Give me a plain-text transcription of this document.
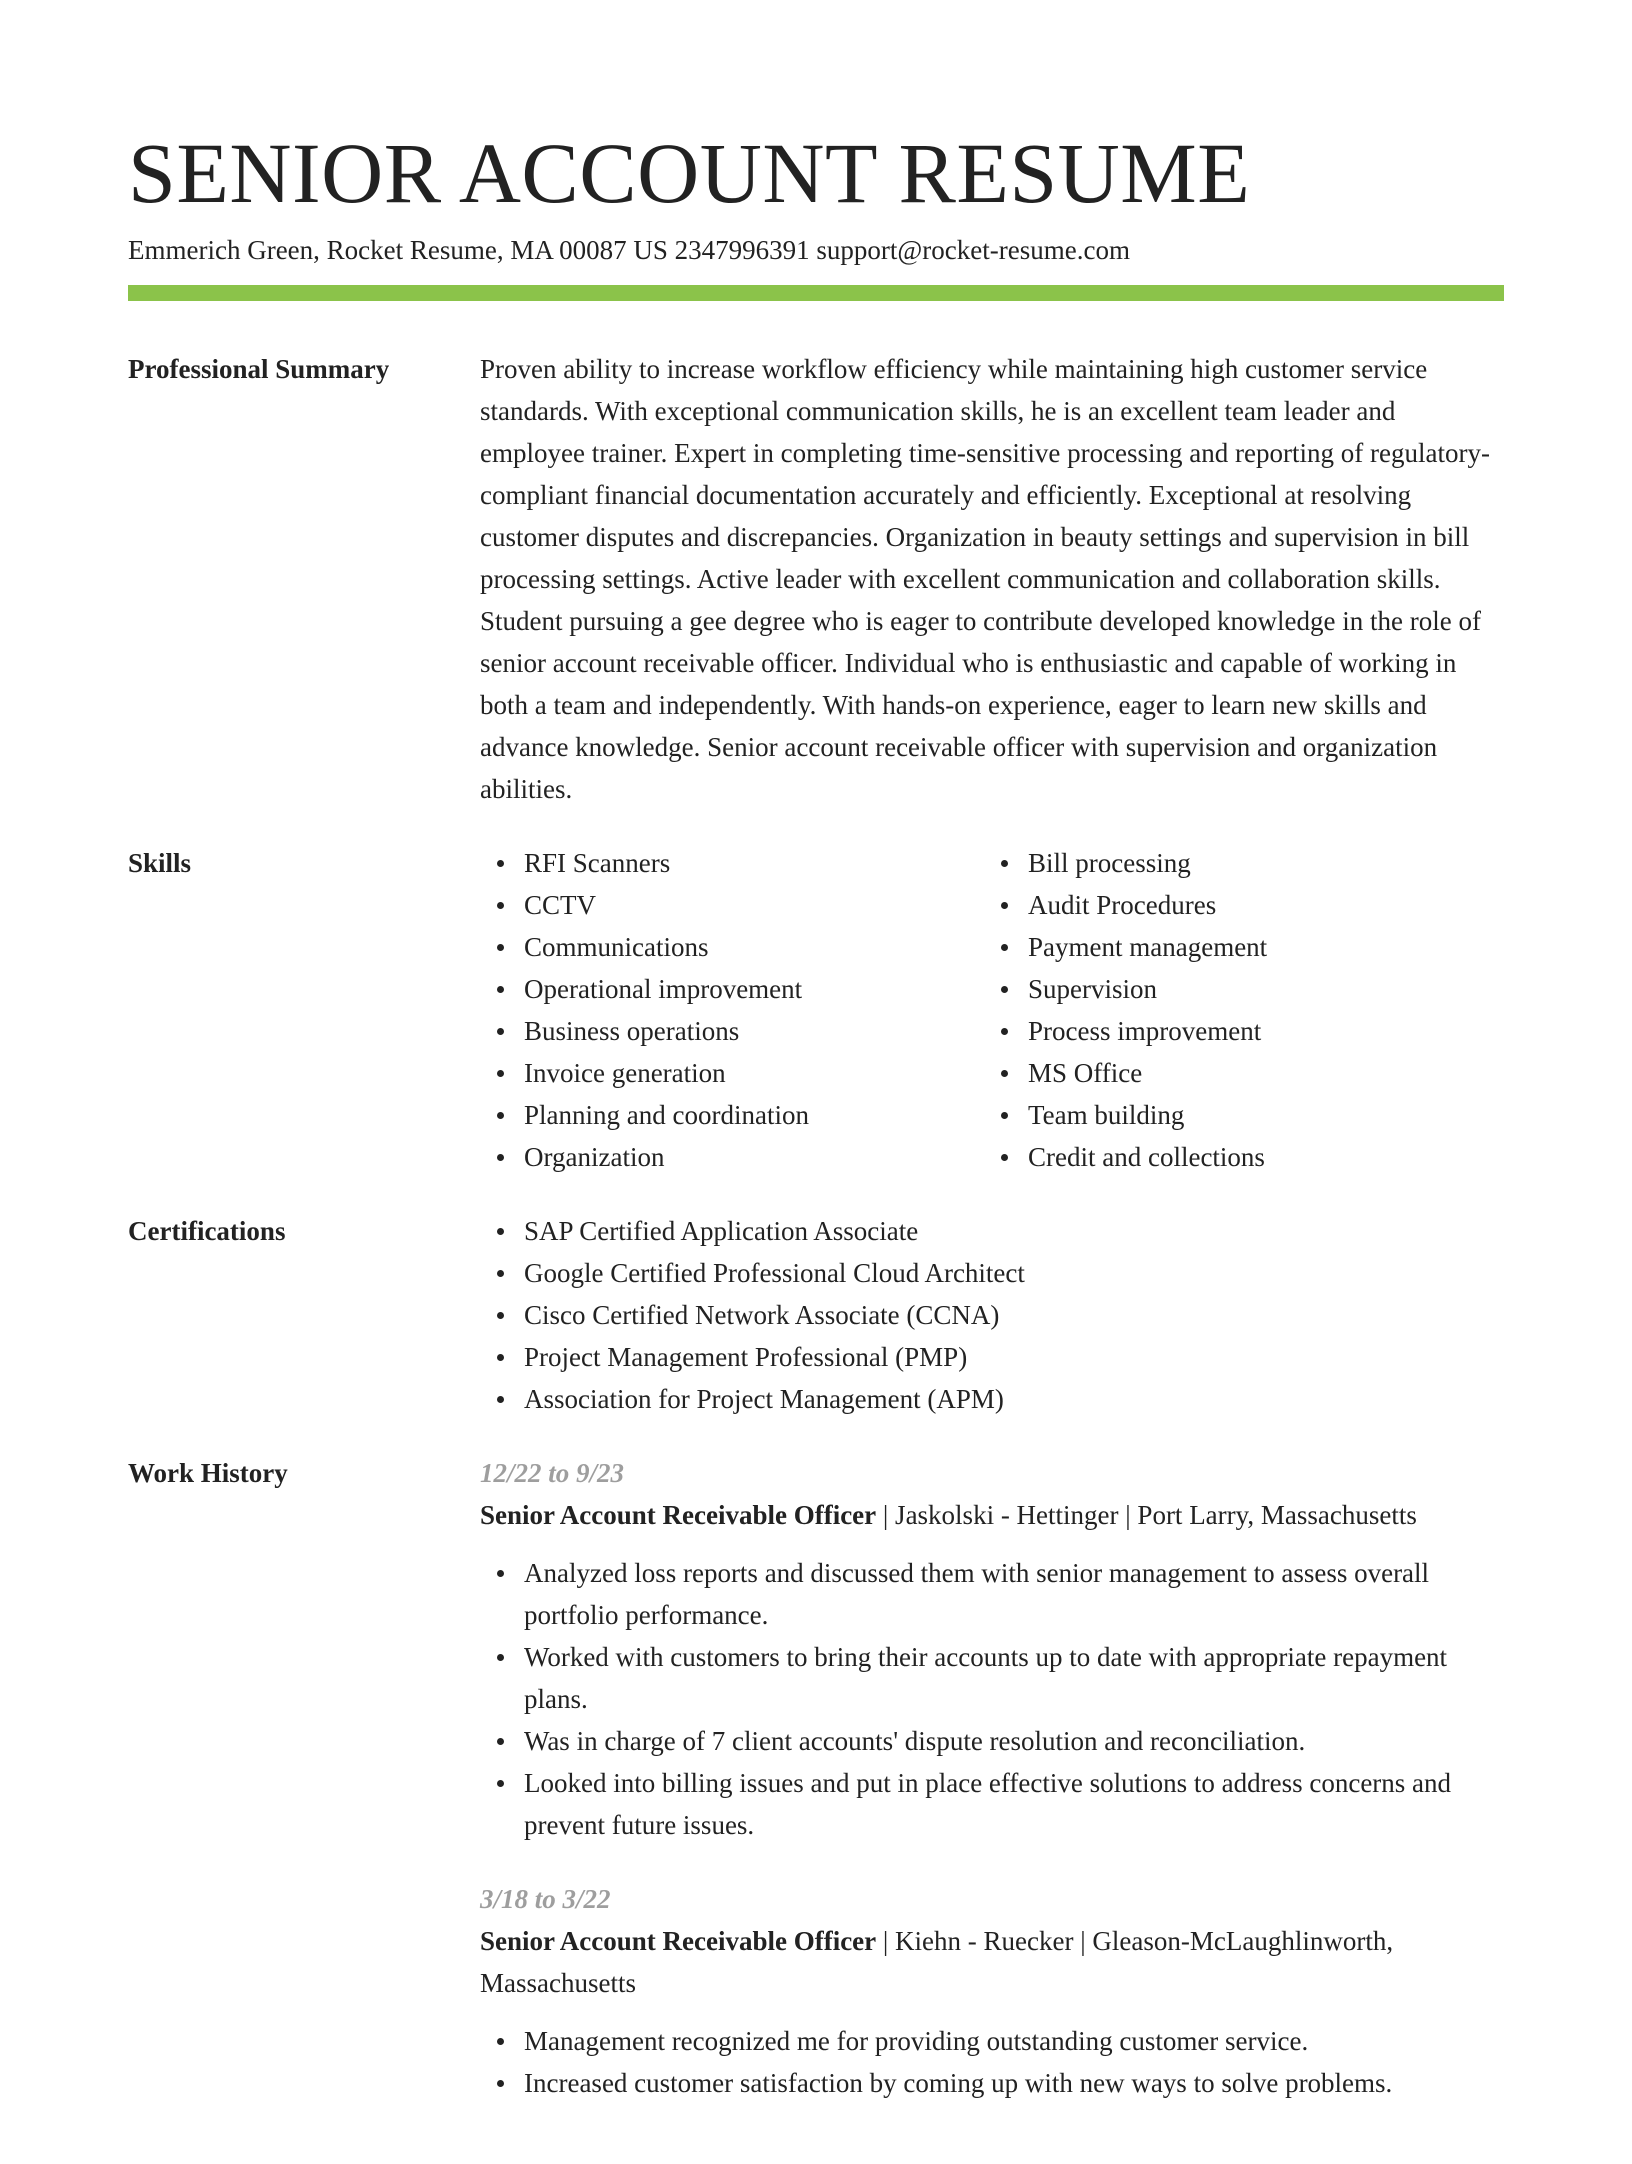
SENIOR ACCOUNT RESUME
Emmerich Green, Rocket Resume, MA 00087 US 2347996391 support@rocket-resume.com
Professional Summary	Proven ability to increase workflow efficiency while maintaining high customer service standards. With exceptional communication skills, he is an excellent team leader and employee trainer. Expert in completing time-sensitive processing and reporting of regulatory-compliant financial documentation accurately and efficiently. Exceptional at resolving customer disputes and discrepancies. Organization in beauty settings and supervision in bill processing settings. Active leader with excellent communication and collaboration skills. Student pursuing a gee degree who is eager to contribute developed knowledge in the role of senior account receivable officer. Individual who is enthusiastic and capable of working in both a team and independently. With hands-on experience, eager to learn new skills and advance knowledge. Senior account receivable officer with supervision and organization abilities.

Skills	RFI Scanners
CCTV
Communications
Operational improvement
Business operations
Invoice generation
Planning and coordination
Organization
Bill processing
Audit Procedures
Payment management
Supervision
Process improvement
MS Office
Team building
Credit and collections
Certifications	SAP Certified Application Associate
Google Certified Professional Cloud Architect
Cisco Certified Network Associate (CCNA)
Project Management Professional (PMP)
Association for Project Management (APM)
Work History	12/22 to 9/23
Senior Account Receivable Officer | Jaskolski - Hettinger | Port Larry, Massachusetts
Analyzed loss reports and discussed them with senior management to assess overall portfolio performance.
Worked with customers to bring their accounts up to date with appropriate repayment plans.
Was in charge of 7 client accounts' dispute resolution and reconciliation.
Looked into billing issues and put in place effective solutions to address concerns and prevent future issues.
3/18 to 3/22
Senior Account Receivable Officer | Kiehn - Ruecker | Gleason-McLaughlinworth, Massachusetts
Management recognized me for providing outstanding customer service.
Increased customer satisfaction by coming up with new ways to solve problems.
